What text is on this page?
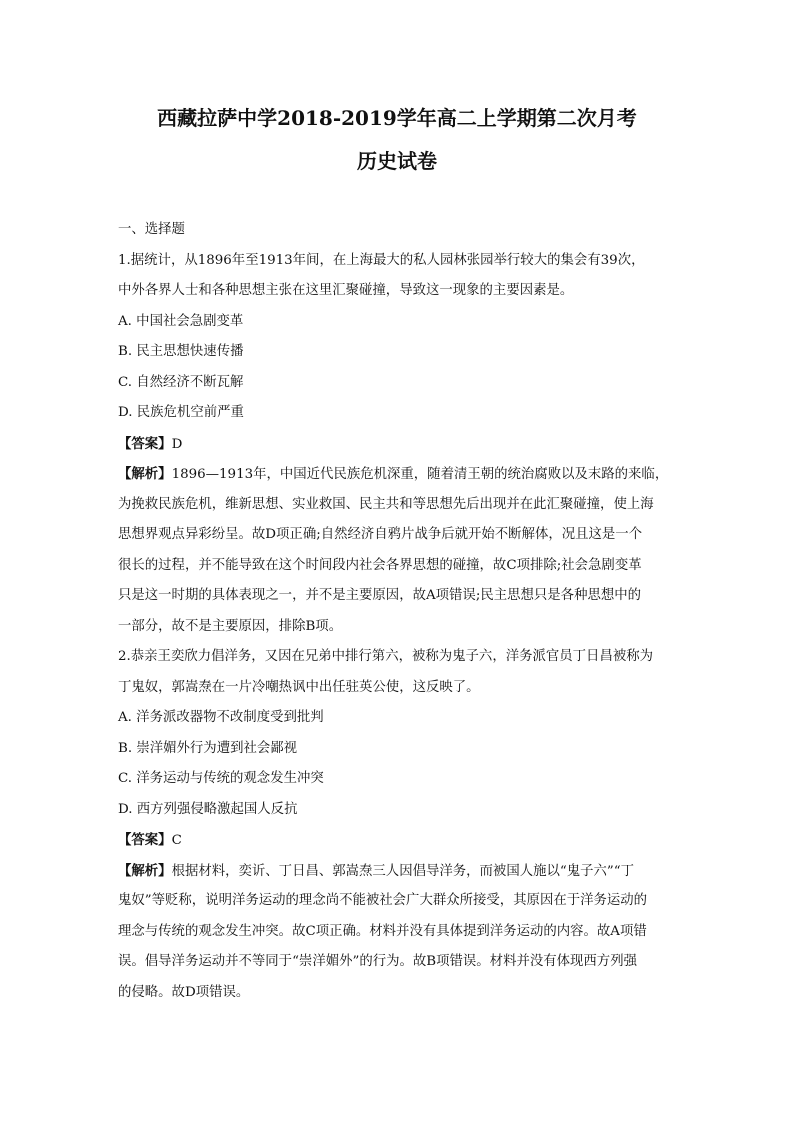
西藏拉萨中学2018-2019学年高二上学期第二次月考
历史试卷

一、选择题

1.据统计，从1896年至1913年间，在上海最大的私人园林张园举行较大的集会有39次，

中外各界人士和各种思想主张在这里汇聚碰撞，导致这一现象的主要因素是。

A. 中国社会急剧变革

B. 民主思想快速传播

C. 自然经济不断瓦解

D. 民族危机空前严重

【答案】D

【解析】1896—1913年，中国近代民族危机深重，随着清王朝的统治腐败以及末路的来临，

为挽救民族危机，维新思想、实业救国、民主共和等思想先后出现并在此汇聚碰撞，使上海

思想界观点异彩纷呈。故D项正确;自然经济自鸦片战争后就开始不断解体，况且这是一个

很长的过程，并不能导致在这个时间段内社会各界思想的碰撞，故C项排除;社会急剧变革

只是这一时期的具体表现之一，并不是主要原因，故A项错误;民主思想只是各种思想中的

一部分，故不是主要原因，排除B项。

2.恭亲王奕欣力倡洋务，又因在兄弟中排行第六，被称为鬼子六，洋务派官员丁日昌被称为

丁鬼奴，郭嵩焘在一片冷嘲热讽中出任驻英公使，这反映了。

A. 洋务派改器物不改制度受到批判

B. 崇洋媚外行为遭到社会鄙视

C. 洋务运动与传统的观念发生冲突

D. 西方列强侵略激起国人反抗

【答案】C

【解析】根据材料，奕䜣、丁日昌、郭嵩焘三人因倡导洋务，而被国人施以“鬼子六”“丁

鬼奴”等贬称，说明洋务运动的理念尚不能被社会广大群众所接受，其原因在于洋务运动的

理念与传统的观念发生冲突。故C项正确。材料并没有具体提到洋务运动的内容。故A项错

误。倡导洋务运动并不等同于“崇洋媚外”的行为。故B项错误。材料并没有体现西方列强

的侵略。故D项错误。
